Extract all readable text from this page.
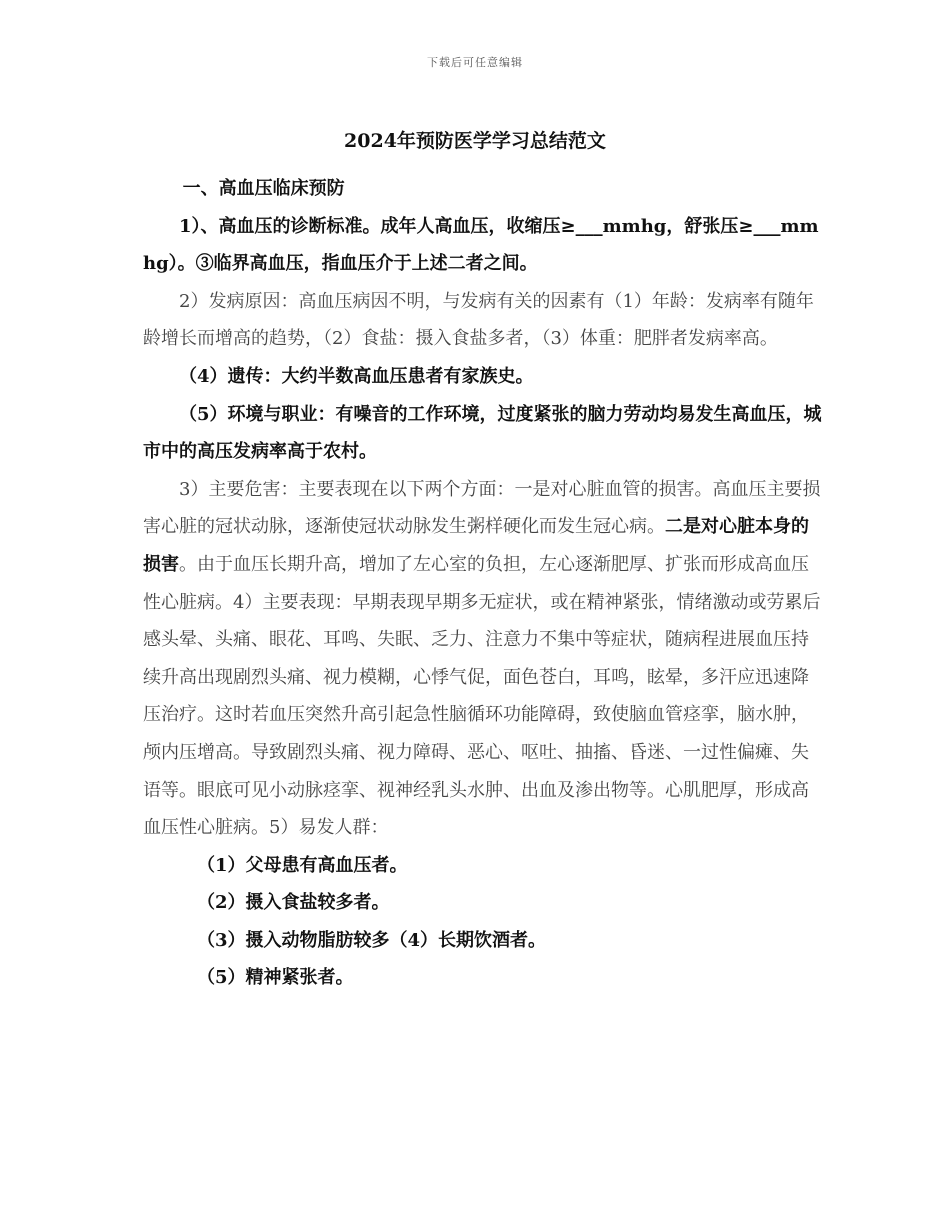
下载后可任意编辑
2024年预防医学学习总结范文

一、高血压临床预防

1）、高血压的诊断标准。成年人高血压，收缩压≥___mmhg，舒张压≥___mmhg）。③临界高血压，指血压介于上述二者之间。

2）发病原因：高血压病因不明，与发病有关的因素有（1）年龄：发病率有随年龄增长而增高的趋势，（2）食盐：摄入食盐多者，（3）体重：肥胖者发病率高。

（4）遗传：大约半数高血压患者有家族史。

（5）环境与职业：有噪音的工作环境，过度紧张的脑力劳动均易发生高血压，城市中的高压发病率高于农村。

3）主要危害：主要表现在以下两个方面：一是对心脏血管的损害。高血压主要损害心脏的冠状动脉，逐渐使冠状动脉发生粥样硬化而发生冠心病。二是对心脏本身的损害。由于血压长期升高，增加了左心室的负担，左心逐渐肥厚、扩张而形成高血压性心脏病。4）主要表现：早期表现早期多无症状，或在精神紧张，情绪激动或劳累后感头晕、头痛、眼花、耳鸣、失眠、乏力、注意力不集中等症状，随病程进展血压持续升高出现剧烈头痛、视力模糊，心悸气促，面色苍白，耳鸣，眩晕，多汗应迅速降压治疗。这时若血压突然升高引起急性脑循环功能障碍，致使脑血管痉挛，脑水肿，颅内压增高。导致剧烈头痛、视力障碍、恶心、呕吐、抽搐、昏迷、一过性偏瘫、失语等。眼底可见小动脉痉挛、视神经乳头水肿、出血及渗出物等。心肌肥厚，形成高血压性心脏病。5）易发人群：

（1）父母患有高血压者。

（2）摄入食盐较多者。

（3）摄入动物脂肪较多（4）长期饮酒者。

（5）精神紧张者。
